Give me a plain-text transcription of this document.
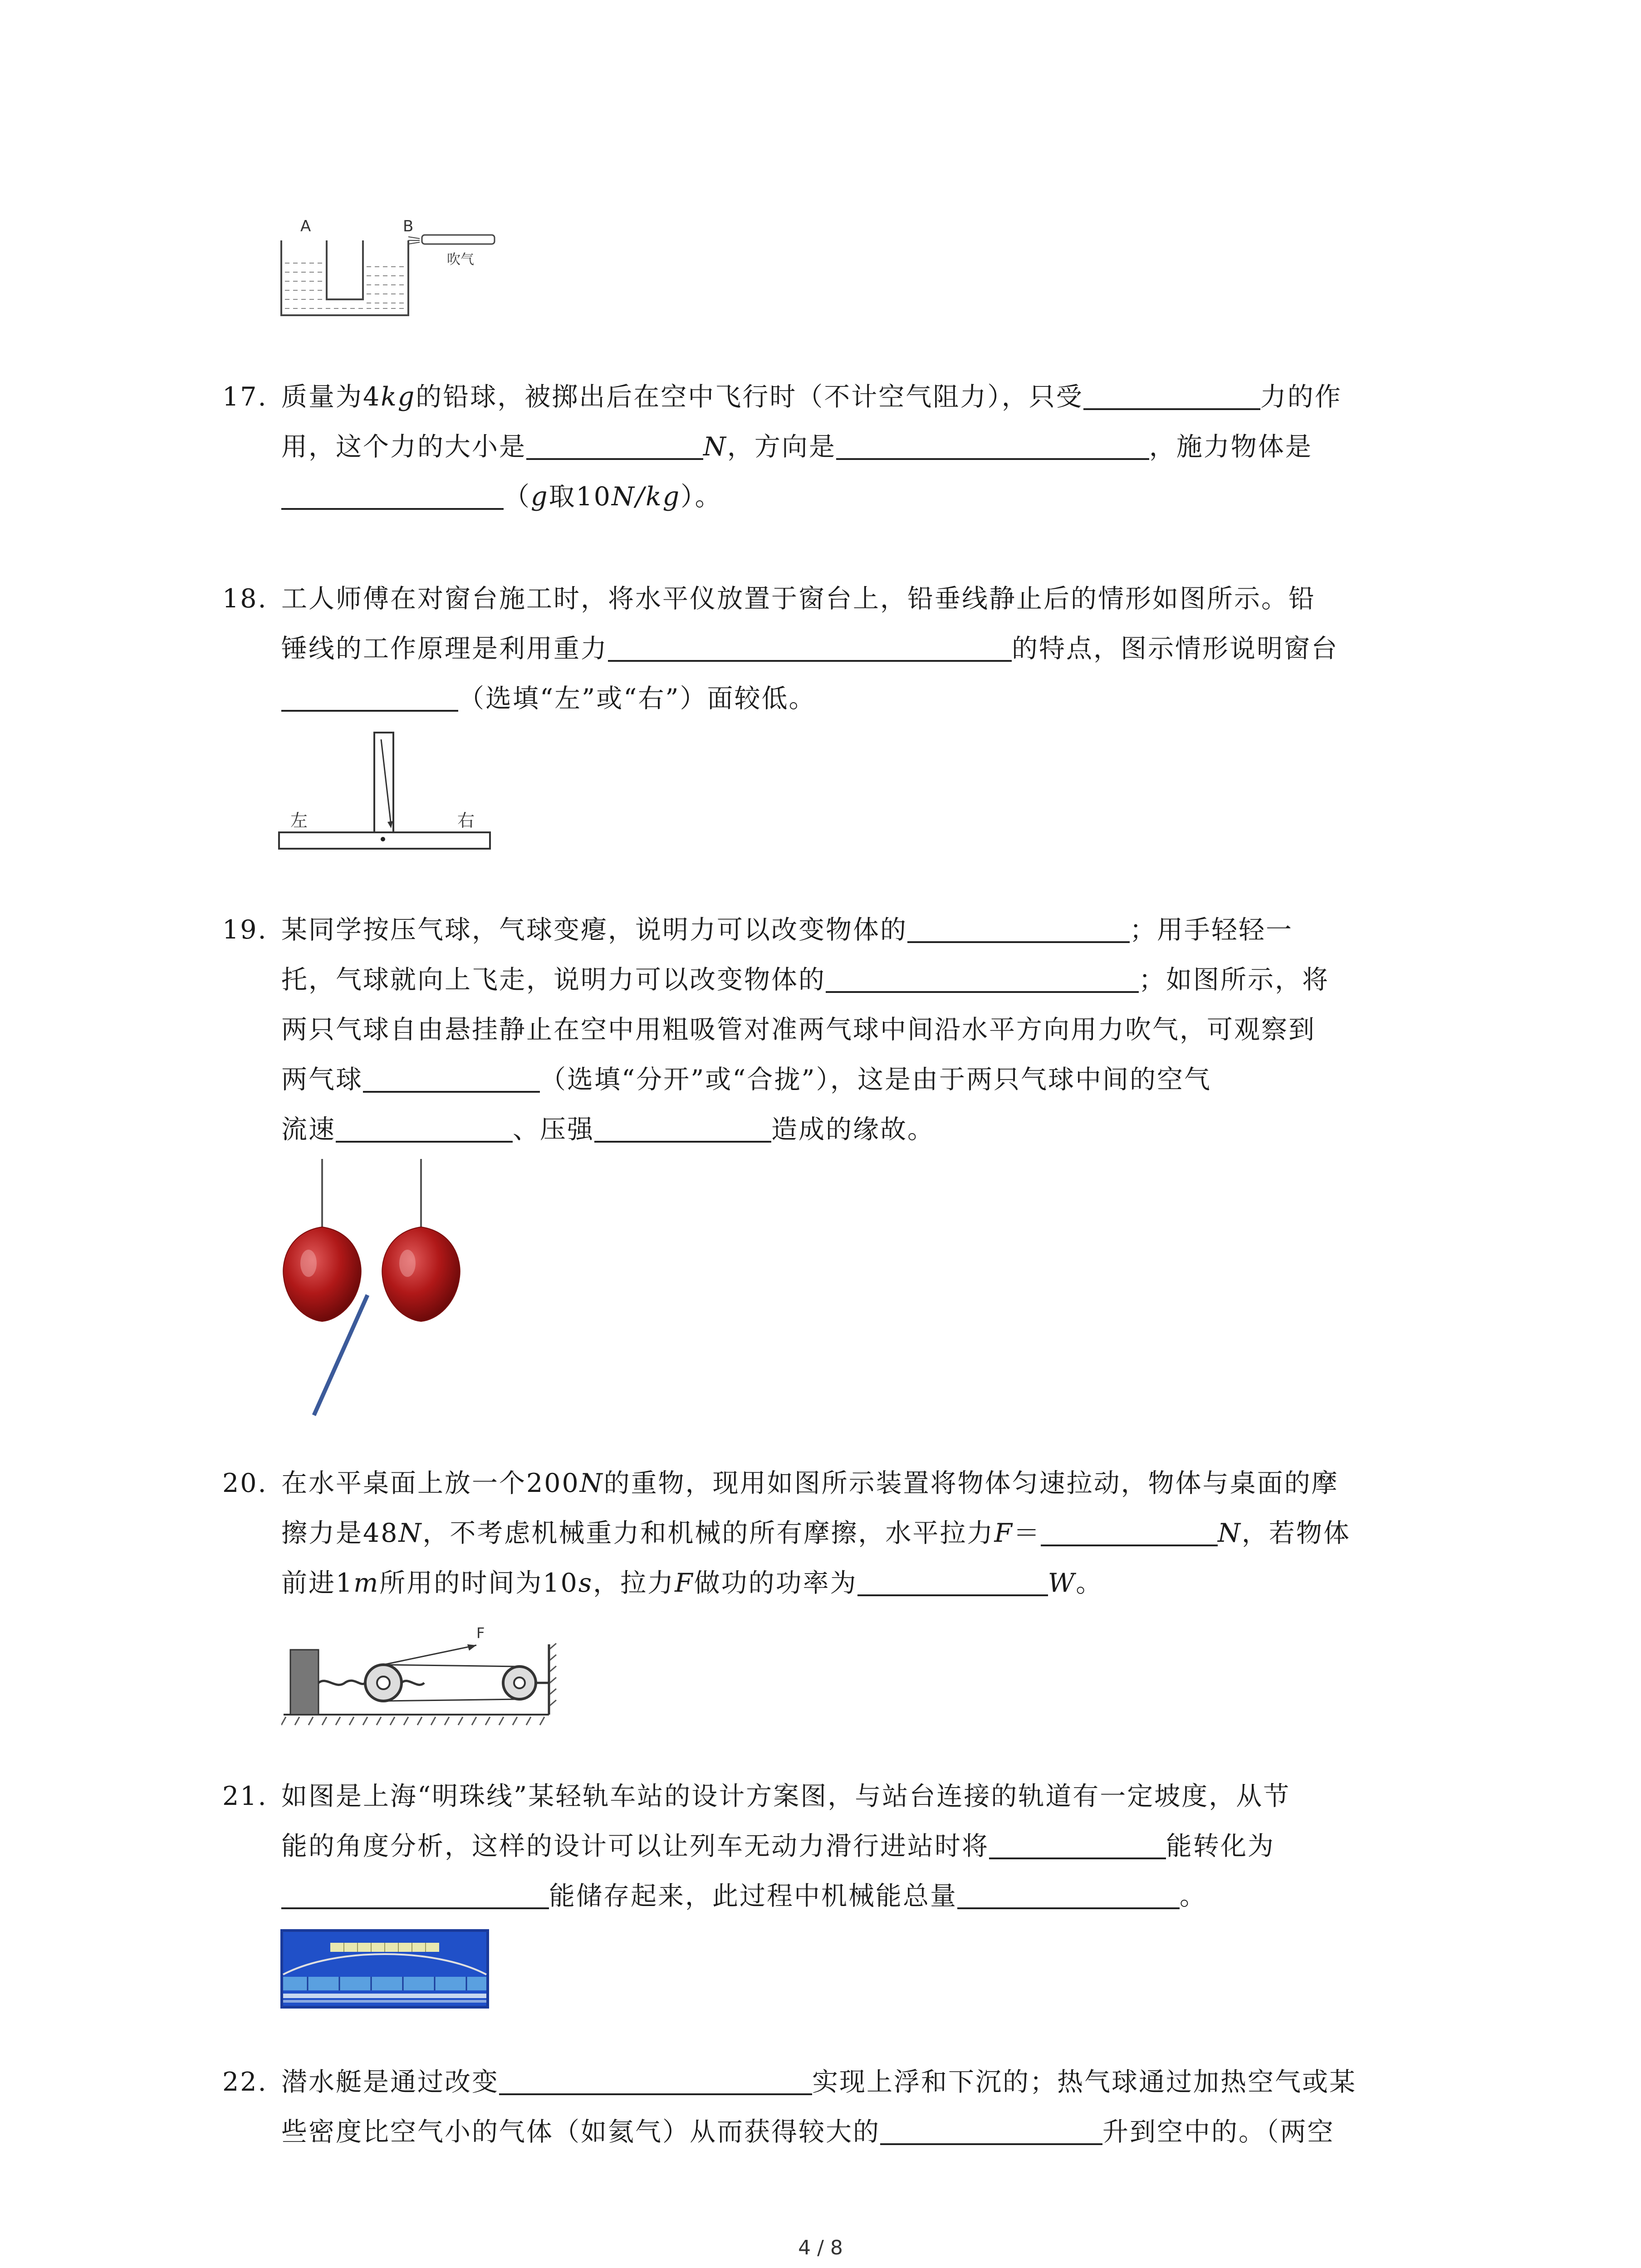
A	B
吹气
17. 质量为4kg的铅球，被掷出后在空中飞行时（不计空气阻力），只受	力的作
用，这个力的大小是	N，方向是	，施力物体是
（g取10N/kg）。
18. 工人师傅在对窗台施工时，将水平仪放置于窗台上，铅垂线静止后的情形如图所示。铅
锤线的工作原理是利用重力	的特点，图示情形说明窗台
（选填“左”或“右”）面较低。
左	右
19. 某同学按压气球，气球变瘪，说明力可以改变物体的	；用手轻轻一
托，气球就向上飞走，说明力可以改变物体的	；如图所示，将
两只气球自由悬挂静止在空中用粗吸管对准两气球中间沿水平方向用力吹气，可观察到
两气球	（选填“分开”或“合拢”），这是由于两只气球中间的空气
流速	、压强	造成的缘故。
20. 在水平桌面上放一个200N的重物，现用如图所示装置将物体匀速拉动，物体与桌面的摩
擦力是48N，不考虑机械重力和机械的所有摩擦，水平拉力F＝	N，若物体
前进1m所用的时间为10s，拉力F做功的功率为	W。
F
21. 如图是上海“明珠线”某轻轨车站的设计方案图，与站台连接的轨道有一定坡度，从节
能的角度分析，这样的设计可以让列车无动力滑行进站时将	能转化为
能储存起来，此过程中机械能总量	。
22. 潜水艇是通过改变	实现上浮和下沉的；热气球通过加热空气或某
些密度比空气小的气体（如氦气）从而获得较大的	升到空中的。（两空
4 / 8
